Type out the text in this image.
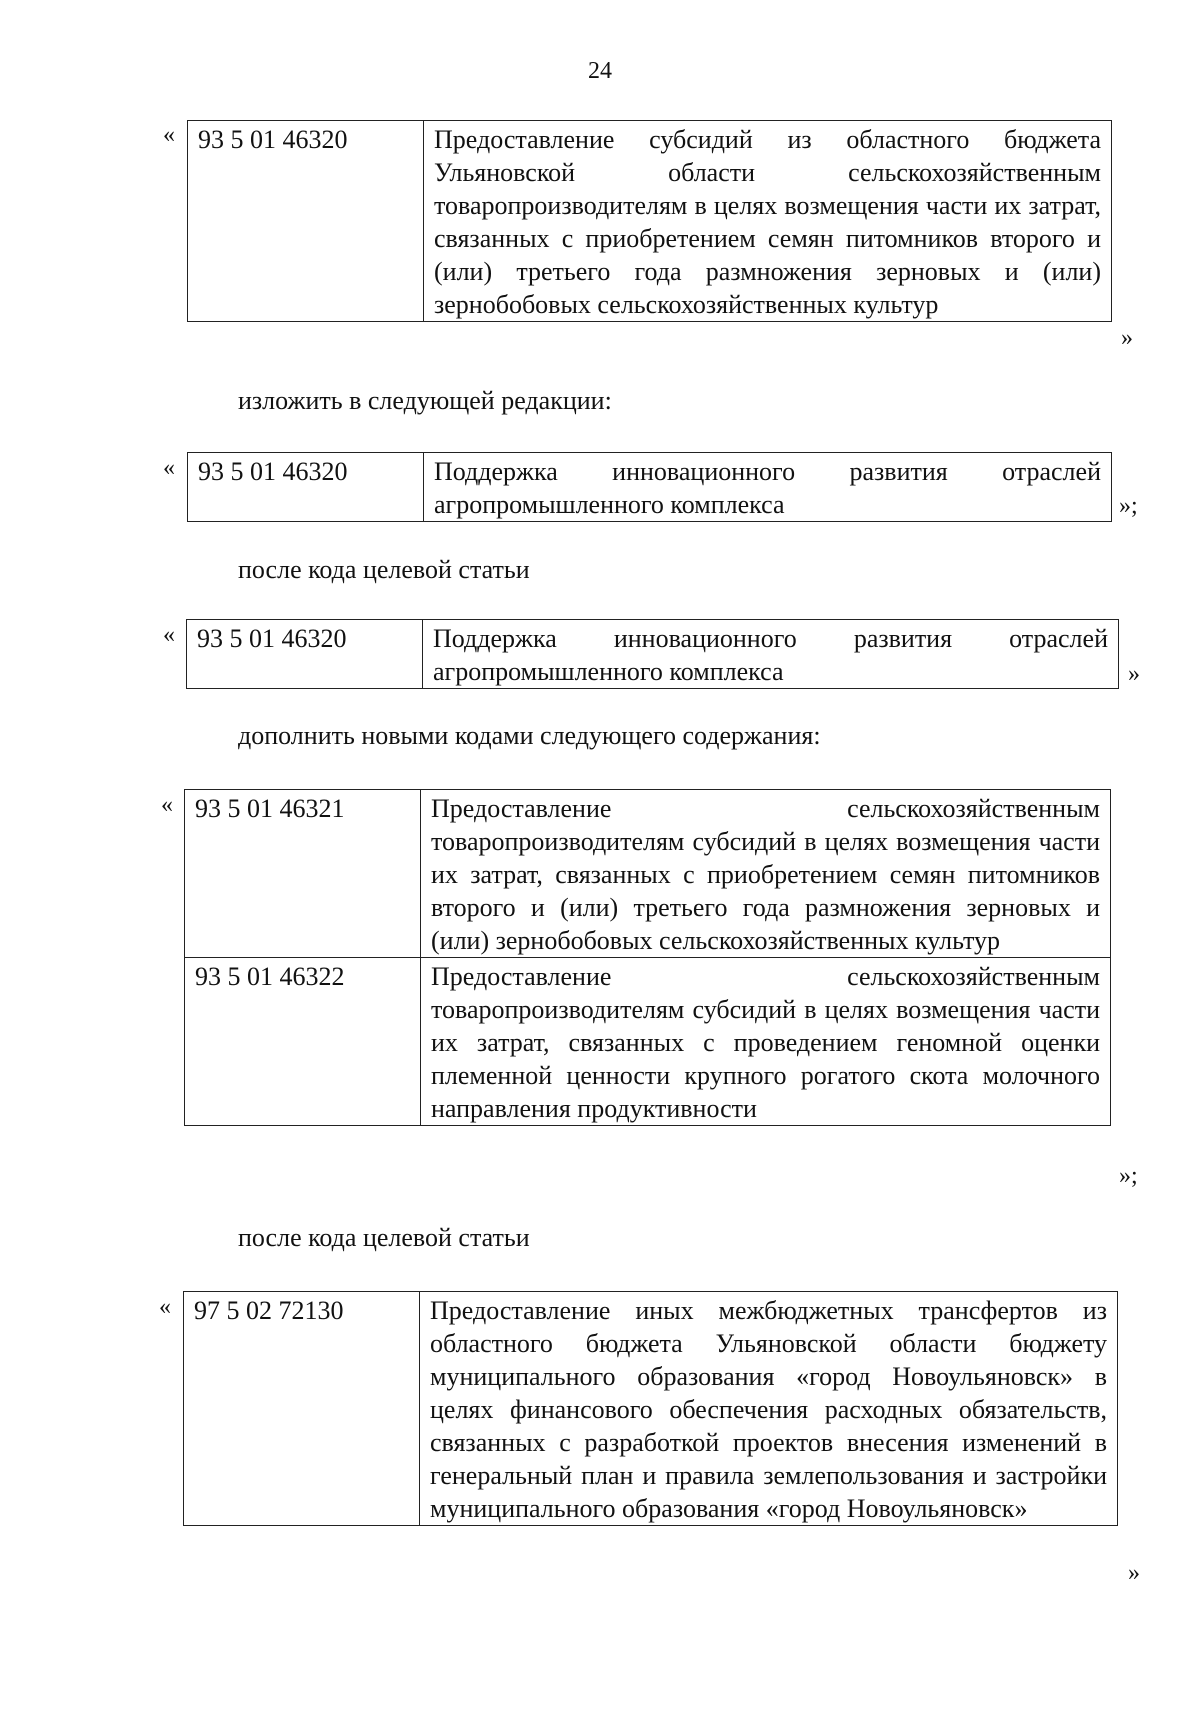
24
« 93 5 01 46320	Предоставление субсидий из областного бюджета Ульяновской области сельскохозяйственным товаропроизводителям в целях возмещения части их затрат, связанных с приобретением семян питомников второго и (или) третьего года размножения зерновых и (или) зернобобовых сельскохозяйственных культур
»
изложить в следующей редакции:
« 93 5 01 46320	Поддержка инновационного развития отраслей агропромышленного комплекса	»;
после кода целевой статьи
« 93 5 01 46320	Поддержка инновационного развития отраслей агропромышленного комплекса	»
дополнить новыми кодами следующего содержания:
« 93 5 01 46321	Предоставление сельскохозяйственным товаропроизводителям субсидий в целях возмещения части их затрат, связанных с приобретением семян питомников второго и (или) третьего года размножения зерновых и (или) зернобобовых сельскохозяйственных культур
93 5 01 46322	Предоставление сельскохозяйственным товаропроизводителям субсидий в целях возмещения части их затрат, связанных с проведением геномной оценки племенной ценности крупного рогатого скота молочного направления продуктивности
»;
после кода целевой статьи
« 97 5 02 72130	Предоставление иных межбюджетных трансфертов из областного бюджета Ульяновской области бюджету муниципального образования «город Новоульяновск» в целях финансового обеспечения расходных обязательств, связанных с разработкой проектов внесения изменений в генеральный план и правила землепользования и застройки муниципального образования «город Новоульяновск»
»
